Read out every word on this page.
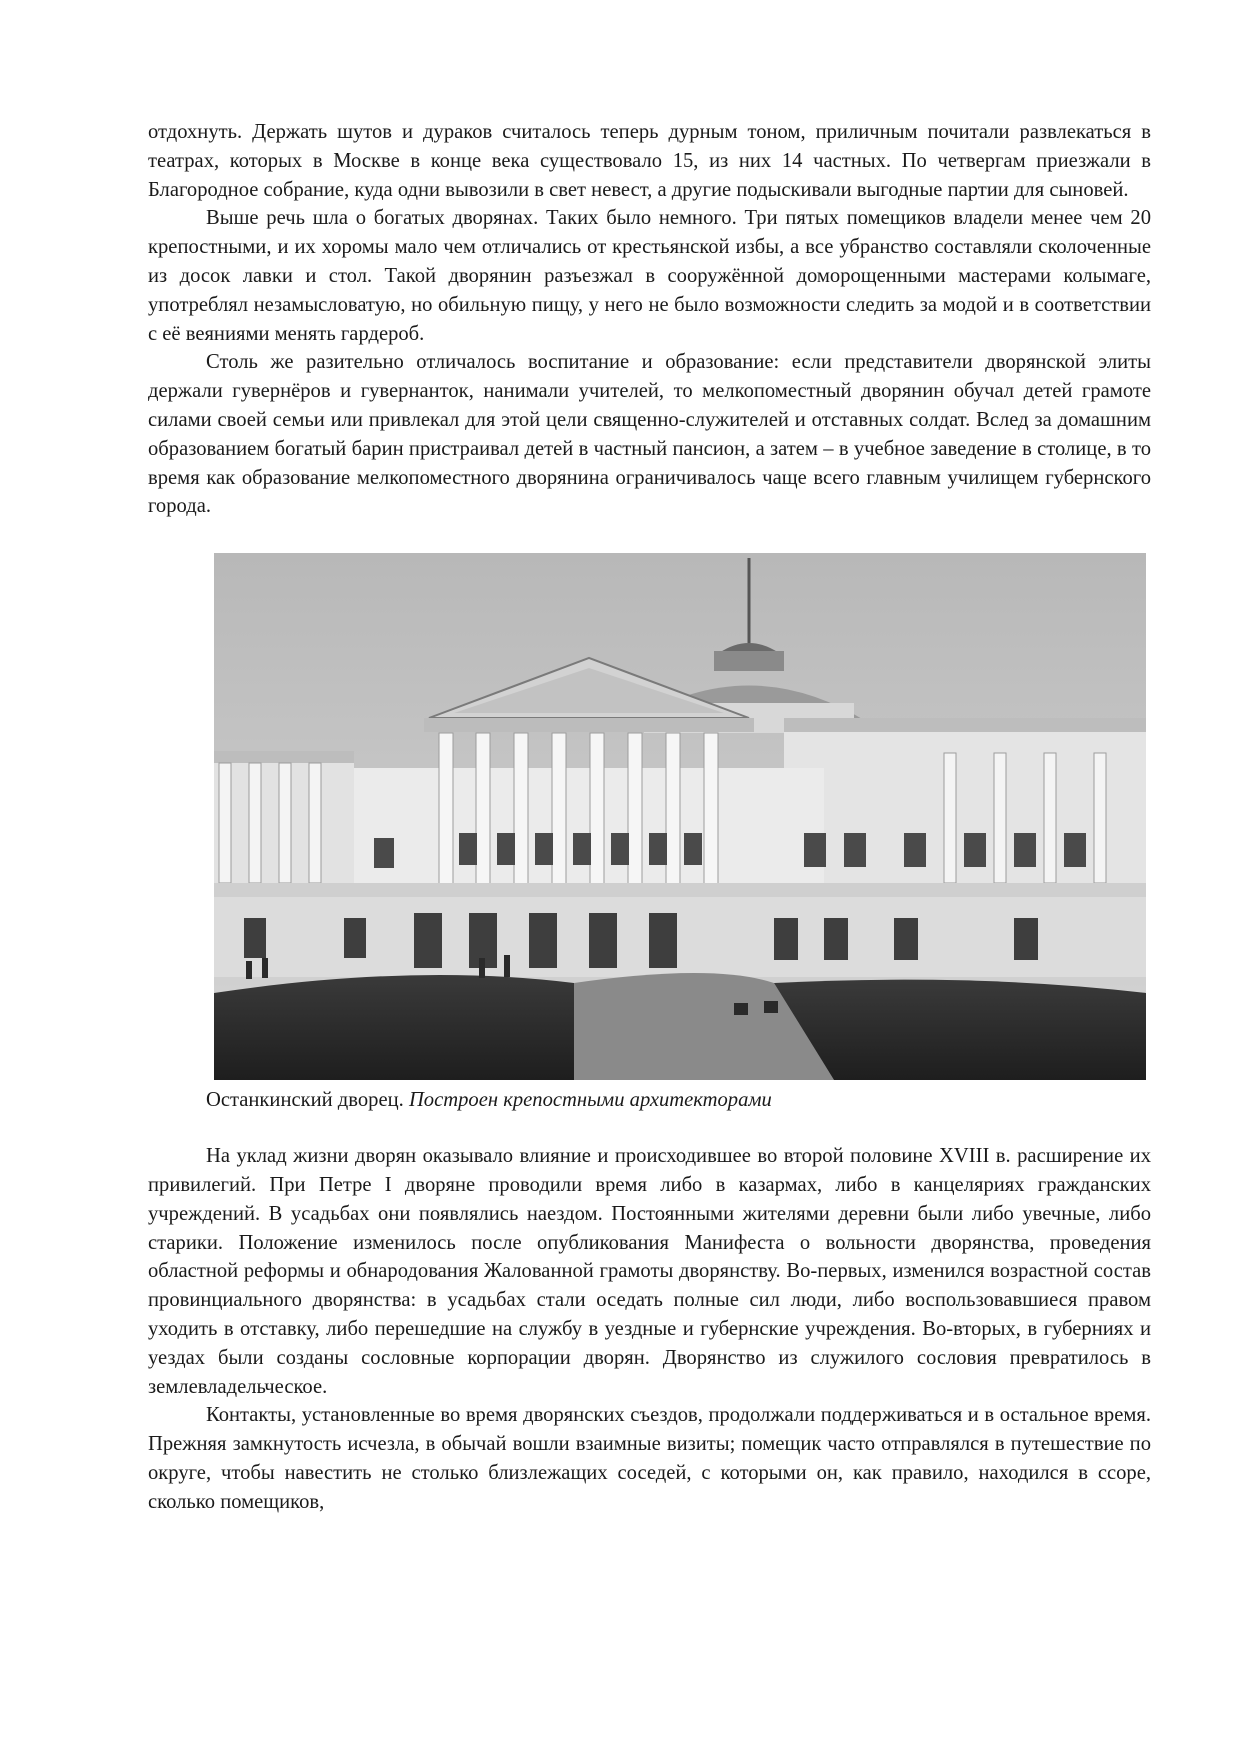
отдохнуть. Держать шутов и дураков считалось теперь дурным тоном, приличным почитали развлекаться в театрах, которых в Москве в конце века существовало 15, из них 14 частных. По четвергам приезжали в Благородное собрание, куда одни вывозили в свет невест, а другие подыскивали выгодные партии для сыновей.

Выше речь шла о богатых дворянах. Таких было немного. Три пятых помещиков владели менее чем 20 крепостными, и их хоромы мало чем отличались от крестьянской избы, а все убранство составляли сколоченные из досок лавки и стол. Такой дворянин разъезжал в сооружённой доморощенными мастерами колымаге, употреблял незамысловатую, но обильную пищу, у него не было возможности следить за модой и в соответствии с её веяниями менять гардероб.

Столь же разительно отличалось воспитание и образование: если представители дворянской элиты держали гувернёров и гувернанток, нанимали учителей, то мелкопоместный дворянин обучал детей грамоте силами своей семьи или привлекал для этой цели священно-служителей и отставных солдат. Вслед за домашним образованием богатый барин пристраивал детей в частный пансион, а затем – в учебное заведение в столице, в то время как образование мелкопоместного дворянина ограничивалось чаще всего главным училищем губернского города.

Останкинский дворец. Построен крепостными архитекторами

На уклад жизни дворян оказывало влияние и происходившее во второй половине XVIII в. расширение их привилегий. При Петре I дворяне проводили время либо в казармах, либо в канцеляриях гражданских учреждений. В усадьбах они появлялись наездом. Постоянными жителями деревни были либо увечные, либо старики. Положение изменилось после опубликования Манифеста о вольности дворянства, проведения областной реформы и обнародования Жалованной грамоты дворянству. Во-первых, изменился возрастной состав провинциального дворянства: в усадьбах стали оседать полные сил люди, либо воспользовавшиеся правом уходить в отставку, либо перешедшие на службу в уездные и губернские учреждения. Во-вторых, в губерниях и уездах были созданы сословные корпорации дворян. Дворянство из служилого сословия превратилось в землевладельческое.

Контакты, установленные во время дворянских съездов, продолжали поддерживаться и в остальное время. Прежняя замкнутость исчезла, в обычай вошли взаимные визиты; помещик часто отправлялся в путешествие по округе, чтобы навестить не столько близлежащих соседей, с которыми он, как правило, находился в ссоре, сколько помещиков,
